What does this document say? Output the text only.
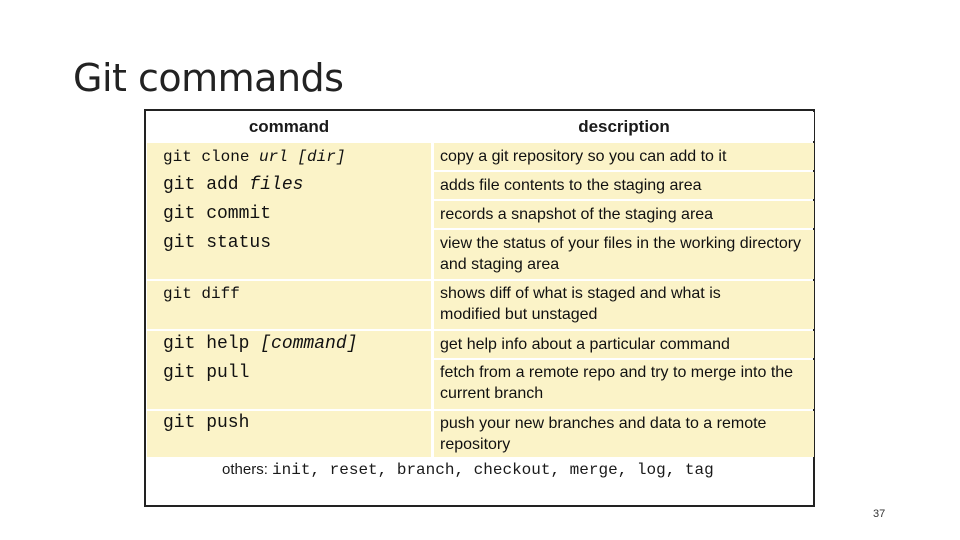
Git commands
command	description
git clone url [dir]
git add files
git commit
git status
git diff
git help [command]
git pull
git push
copy a git repository so you can add to it
adds file contents to the staging area
records a snapshot of the staging area
view the status of your files in the working directory and staging area
shows diff of what is staged and what is modified but unstaged
get help info about a particular command
fetch from a remote repo and try to merge into the current branch
push your new branches and data to a remote repository
others: init, reset, branch, checkout, merge, log, tag
37
